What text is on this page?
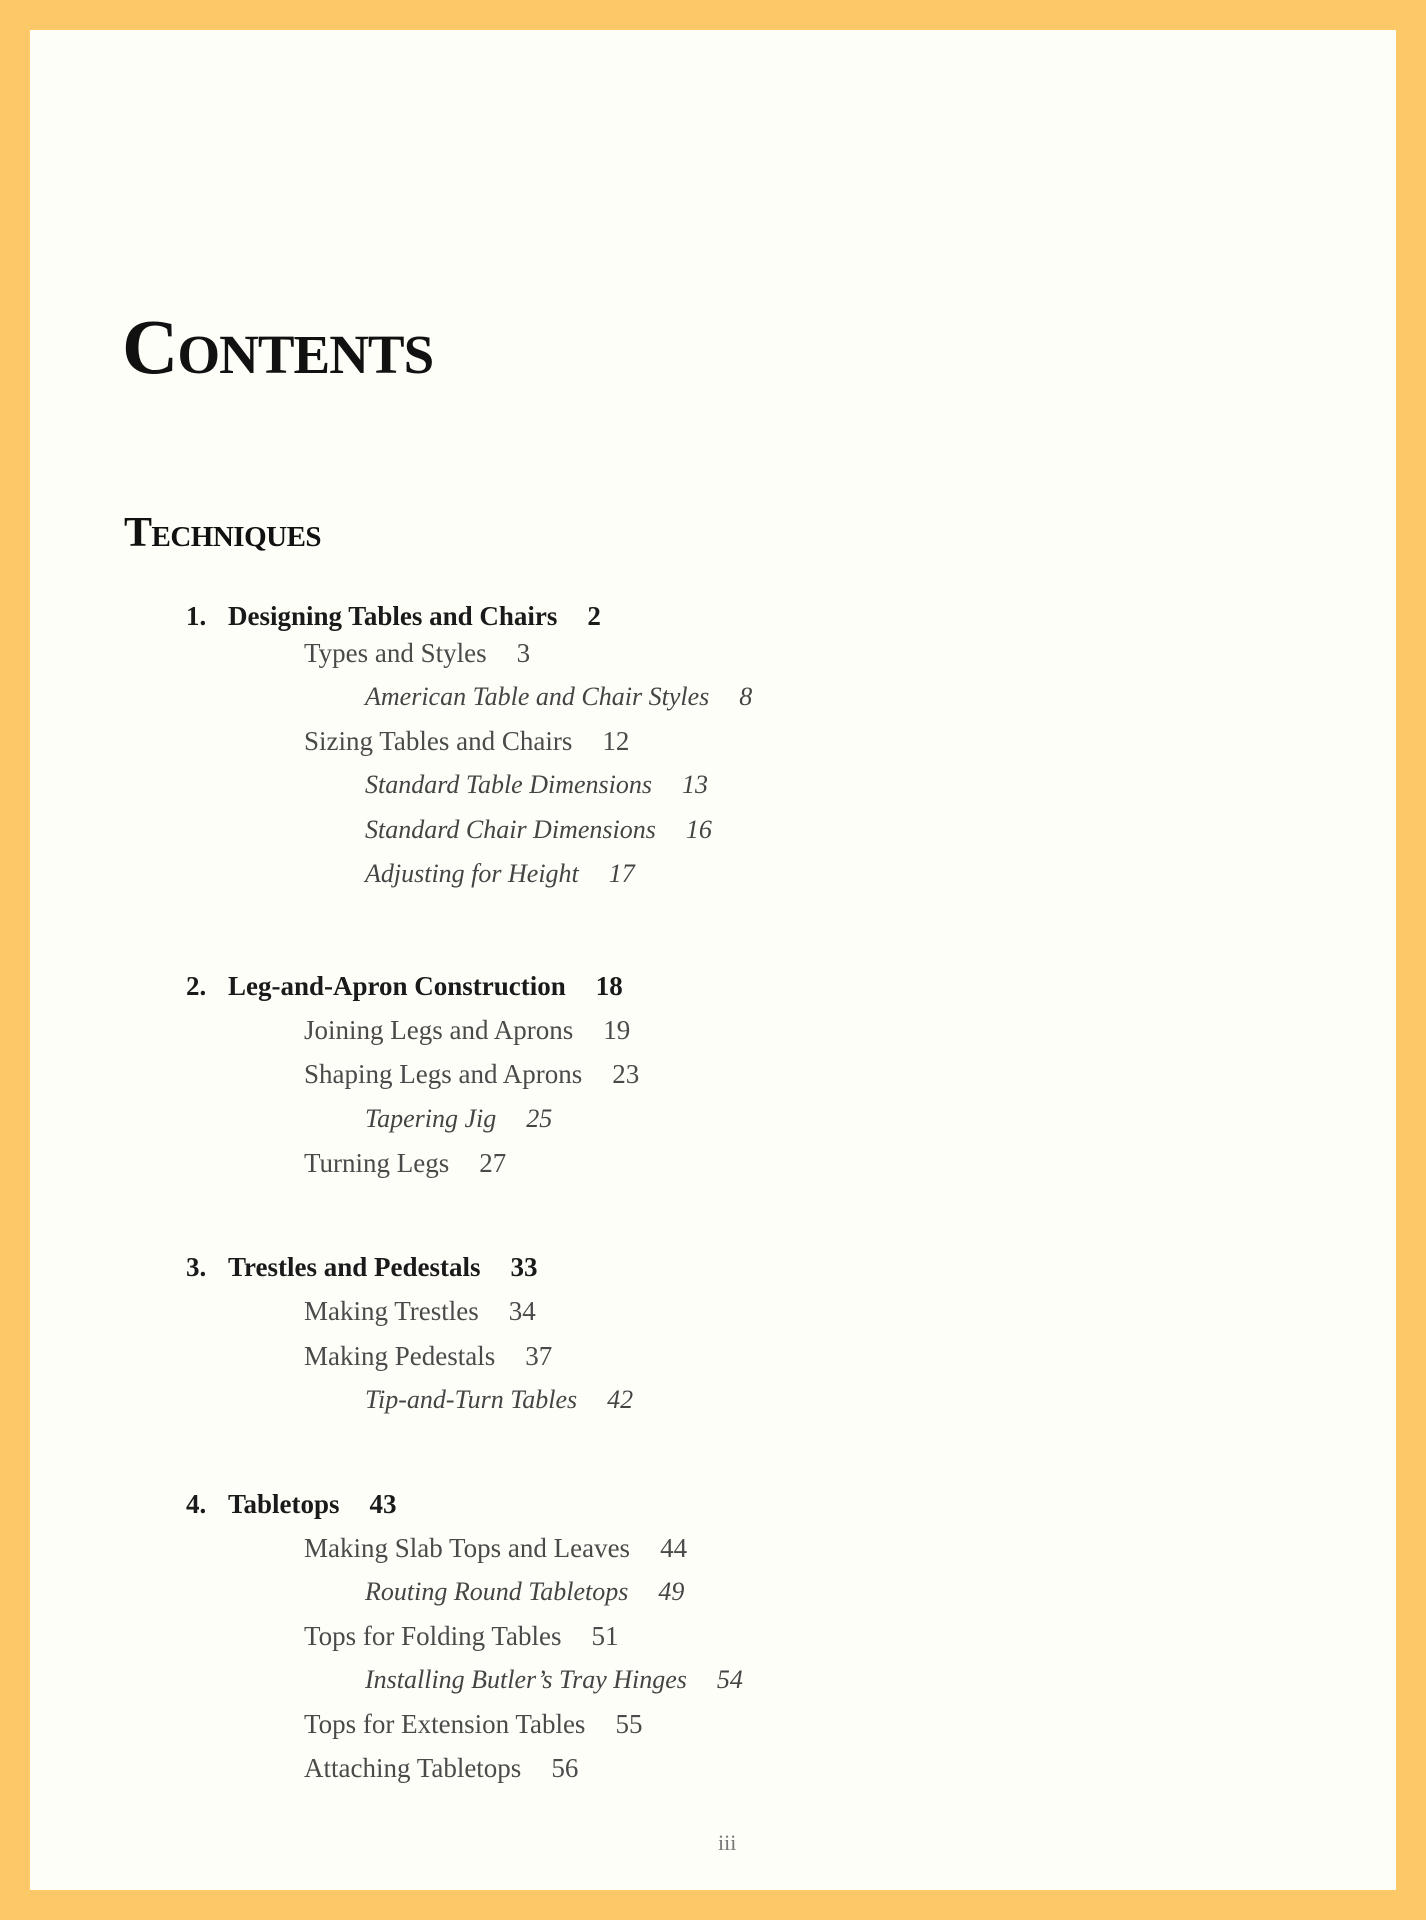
Contents
Techniques
1. Designing Tables and Chairs 2
Types and Styles 3
American Table and Chair Styles 8
Sizing Tables and Chairs 12
Standard Table Dimensions 13
Standard Chair Dimensions 16
Adjusting for Height 17
2. Leg-and-Apron Construction 18
Joining Legs and Aprons 19
Shaping Legs and Aprons 23
Tapering Jig 25
Turning Legs 27
3. Trestles and Pedestals 33
Making Trestles 34
Making Pedestals 37
Tip-and-Turn Tables 42
4. Tabletops 43
Making Slab Tops and Leaves 44
Routing Round Tabletops 49
Tops for Folding Tables 51
Installing Butler’s Tray Hinges 54
Tops for Extension Tables 55
Attaching Tabletops 56
iii
